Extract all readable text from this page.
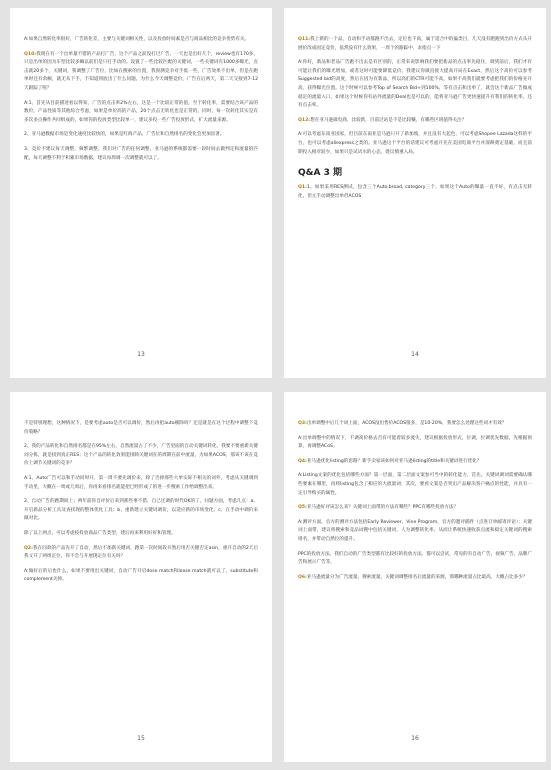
A:如果自然转化率很好，广告转化差，主要与关键词相关性，以及投放时间素是否与商品相比的竞争优势有关。

Q10:我现在有一个出单量不错的产品打广告，这个产品之前没打过广告，一天也是出好几个，review也有170多，只是出单的因为车型比较多嘛以前们是只打手动的。设置了一些比较匹配的关键词，一些关键词有1000多曝光，点击就20多个，关键词，我调整了广告位，比如在搜索的位置，我预测竞争对手低一些，广告效果不出单，但是在跑单时还有余额，就无从下手，不知道到底出了什么问题。为什么今天调整竞价，广告在后两天，第二天交接到7-12天跟踪了呢？

A:1、首先从目前描述看以得知，广告的点击率2%左右，这是一个比较正常的值，至于转化率，需要结合该产品的数价，产品性质等其他综合考虑，如果是单价高的产品，20个点击无转化也是正常的。同时，每一次转化其实是有多次多点操作共同组成的，如果你的投放类型比较单一，建议多投一些广告投放形式，扩大流量来源。

2、亚马逊数据市场是变化速度比较快的，如果是红海产品，广告位和自然排名的变化会更加显著。

3、竞价不建议每天调整，频繁调整，我们对广告的任何调整，亚马逊的系统都需要一段时间去做判定和流量的匹配，每天调整不利于积累市场数据，建议每周调一次调整就可以了。

13

Q11:我上新的一个品，自动和手动都跑不出去，定位也不高，属于适合中的偏类目，几天没有跑跑到出价方式从开展价改成固定竞价，依然没有什么效果，一周个的跟踪中，求指点一下

A:你好，新品和老品广告跑不出去是有区别的，正常来说影响我们要把新品的点击率先稳住，调到前后，我们才有可能让我们的曝光增加，或者这时可能要降低竞价。我建议你做直接大提高开局在Exact，然后这个高价可以参考Suggested bid的高度，然后在因为有新品，所以高们的CTR可能不高，如果不高我们就要考虑把我们的价格先开高，获得曝光位置。这个时候可以参考Top of Search Bid+到100%，等有点击和出单了，就会达个新品广告做成稳定的流量入口，如果这个时候你有站外流量的Deal也是可以的，能将亚马逊广告更快速提升有我们的转化率，还有点击率。

Q12:想在亚马逊做电商，比较新，目前过站是不是比较赚，有哪些区域值得关注？

A:可以考虑东南亚国家，但目前东南亚是马逊只开了新加坡，并且没有大起色，可以考虑Shopee Lazada这样的平台，也可以考虑aliexpress之类的。亚马逊这个平台的话建议可考虑开先在美国电商平台并深耕奠定基础，而且前期投入相对较少，如果只是试试水的心态，建议慎重入局。

Q&A 3 期

Q1:1、如果采用RES测试，包含三个Auto,broad, category三个，如果这个Auto的曝量一直不好，有点击无转化，但元手动调整出单但ACOS

14

不是特别理想，这种情况下，是要考虑auto是否可以调价，然后再把auto剔除吗？还是就是在这个过程中调整下竞价策略？

2、我的产品转化和自然排名都是在95%左右，自然流量占了不少，广告里面的自动关键词转化，我要不要重新关键词分拣，就是找到真正RES；这个产品的转化效果能排除关键词在的周期在前中流量，为如果ACOS，那该不该在竞价上调节关键词的竞争？

A:1、Auto广告可以和手动同时开，第一周不要先调价来，除了否掉那些大单实际不相关的词外，考虑从关键调到手动里，大概在一周或几周后，你再来看排名就能把已经形成了的进一步搜索工作给调整出来。

2、自动广告的跑期间上；两年前你自评价后来到那些事不错，自己还调的时代OK的了，问题方面，考虑几点：a、开启新品分析工具及查找现的整体优化工具；b、重新建立关键词调价，以适应新的市场变化；c、在手动中调价来做对比。

除了以上两点，可以考虑按投放商品广告类型，建后再来利用好好和管理。

Q2:我在同款的产品先开了自动，然后不加新关键词，跑第一次时间段开然后用否关键否定asin，重开自动的2天后我又开了两组定位，你不会与开展现定位有关吗？

A:做好后的后也什么，如果不要用出关键词，自动广告开启dose match和loose match就可以了，substitute和complement关掉。

15

Q3:出单调整中后几个词上面，ACOS没出售价ACOS很多，是10-20%，我要怎么处理这些词才有效？

A:出单调整中的情况下，不调高价格去否有可能着较多流失，建议根据投放形式，位调，位调优先数据，先根据预算，再调整ACoS。

Q4:亚马逊优化listing的思路？新手卖家该如何对亚马逊listing的title和关键词进行优化？

A:Listing文案的优化包括哪些方面？第一层面，第二层面文案参可当中的转化能力，首先，关键词调词需要确认哪些要素在哪里，再将listing包含了相应的大流量词；其次，要看文案是否突出产品解决客户痛点的性能，并具有一定引导购买的属性。

Q5:亚马逊好评该怎么来？关键词上面带的方法有哪些？PPC有哪些投放方法？

A:测评方面，官方的测评方法包括Early Reviewer、Vine Program，官方的邀评插件（点进订单邮寄评论）；关键词上面带，建议将搜索和竞品词搜中包括关键词，人为调整转化率，从而让系统快速收获点流和稳定关键词的搜索排名，并带动自然位的提升。

PPC的投放方法，我们自动的广告类型都有比较好的投放方法，都可以尝试，常见的有自动广告、视频广告、品牌广告和展示广告等。

Q6:亚马逊流量分为广告流量，搜索流量，关键词调整排名后流量的来源，那哪种流量占比最高，大概占比多少？

16
